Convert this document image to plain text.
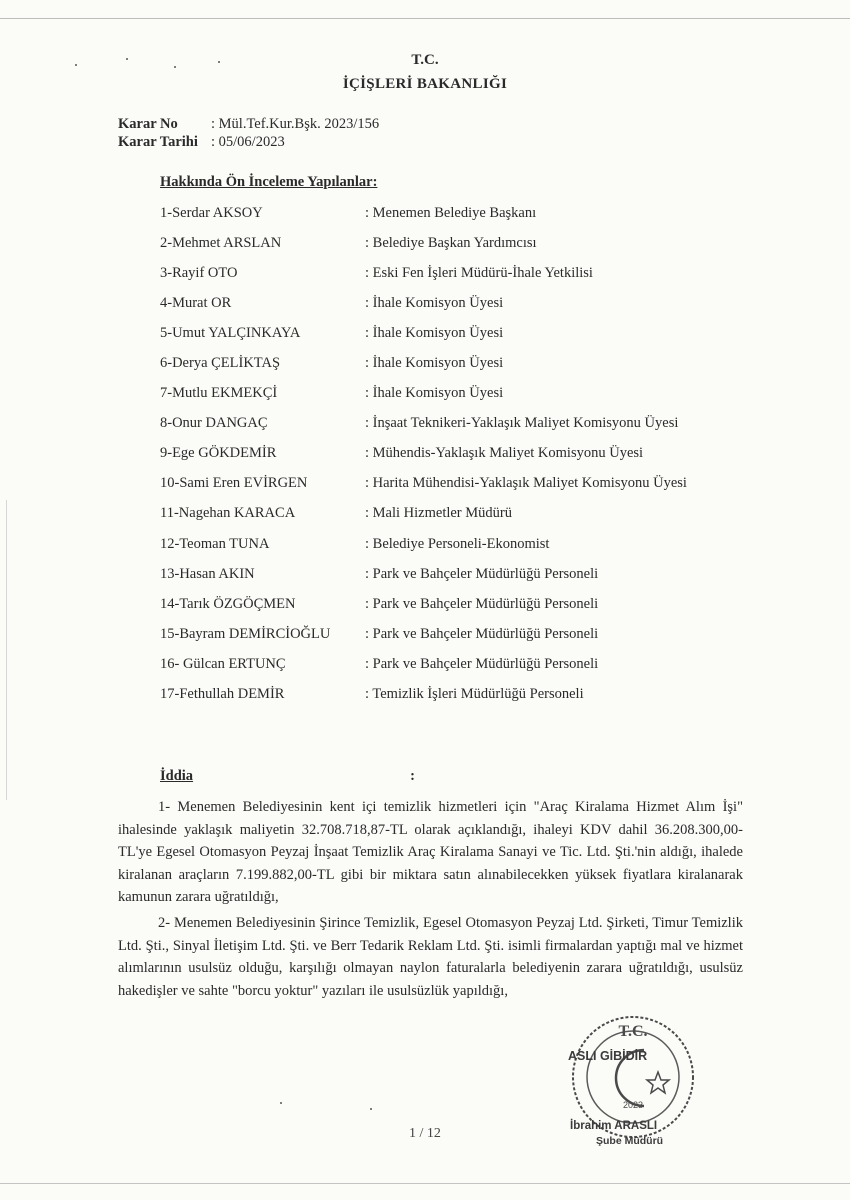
T.C.
İÇİŞLERİ BAKANLIĞI
Karar No : Mül.Tef.Kur.Bşk. 2023/156
Karar Tarihi : 05/06/2023
Hakkında Ön İnceleme Yapılanlar:
1-Serdar AKSOY	: Menemen Belediye Başkanı
2-Mehmet ARSLAN	: Belediye Başkan Yardımcısı
3-Rayif OTO	: Eski Fen İşleri Müdürü-İhale Yetkilisi
4-Murat OR	: İhale Komisyon Üyesi
5-Umut YALÇINKAYA	: İhale Komisyon Üyesi
6-Derya ÇELİKTAŞ	: İhale Komisyon Üyesi
7-Mutlu EKMEKÇİ	: İhale Komisyon Üyesi
8-Onur DANGAÇ	: İnşaat Teknikeri-Yaklaşık Maliyet Komisyonu Üyesi
9-Ege GÖKDEMİR	: Mühendis-Yaklaşık Maliyet Komisyonu Üyesi
10-Sami Eren EVİRGEN	: Harita Mühendisi-Yaklaşık Maliyet Komisyonu Üyesi
11-Nagehan KARACA	: Mali Hizmetler Müdürü
12-Teoman TUNA	: Belediye Personeli-Ekonomist
13-Hasan AKIN	: Park ve Bahçeler Müdürlüğü Personeli
14-Tarık ÖZGÖÇMEN	: Park ve Bahçeler Müdürlüğü Personeli
15-Bayram DEMİRCİOĞLU	: Park ve Bahçeler Müdürlüğü Personeli
16- Gülcan ERTUNÇ	: Park ve Bahçeler Müdürlüğü Personeli
17-Fethullah DEMİR	: Temizlik İşleri Müdürlüğü Personeli
İddia	:
1- Menemen Belediyesinin kent içi temizlik hizmetleri için "Araç Kiralama Hizmet Alım İşi" ihalesinde yaklaşık maliyetin 32.708.718,87-TL olarak açıklandığı, ihaleyi KDV dahil 36.208.300,00-TL'ye Egesel Otomasyon Peyzaj İnşaat Temizlik Araç Kiralama Sanayi ve Tic. Ltd. Şti.'nin aldığı, ihalede kiralanan araçların 7.199.882,00-TL gibi bir miktara satın alınabilecekken yüksek fiyatlara kiralanarak kamunun zarara uğratıldığı,
2- Menemen Belediyesinin Şirince Temizlik, Egesel Otomasyon Peyzaj Ltd. Şirketi, Timur Temizlik Ltd. Şti., Sinyal İletişim Ltd. Şti. ve Berr Tedarik Reklam Ltd. Şti. isimli firmalardan yaptığı mal ve hizmet alımlarının usulsüz olduğu, karşılığı olmayan naylon faturalarla belediyenin zarara uğratıldığı, usulsüz hakedişler ve sahte "borcu yoktur" yazıları ile usulsüzlük yapıldığı,
T.C.
2023
ASLI GİBİDİR
İbrahim ARASLI
Şube Müdürü
1 / 12
